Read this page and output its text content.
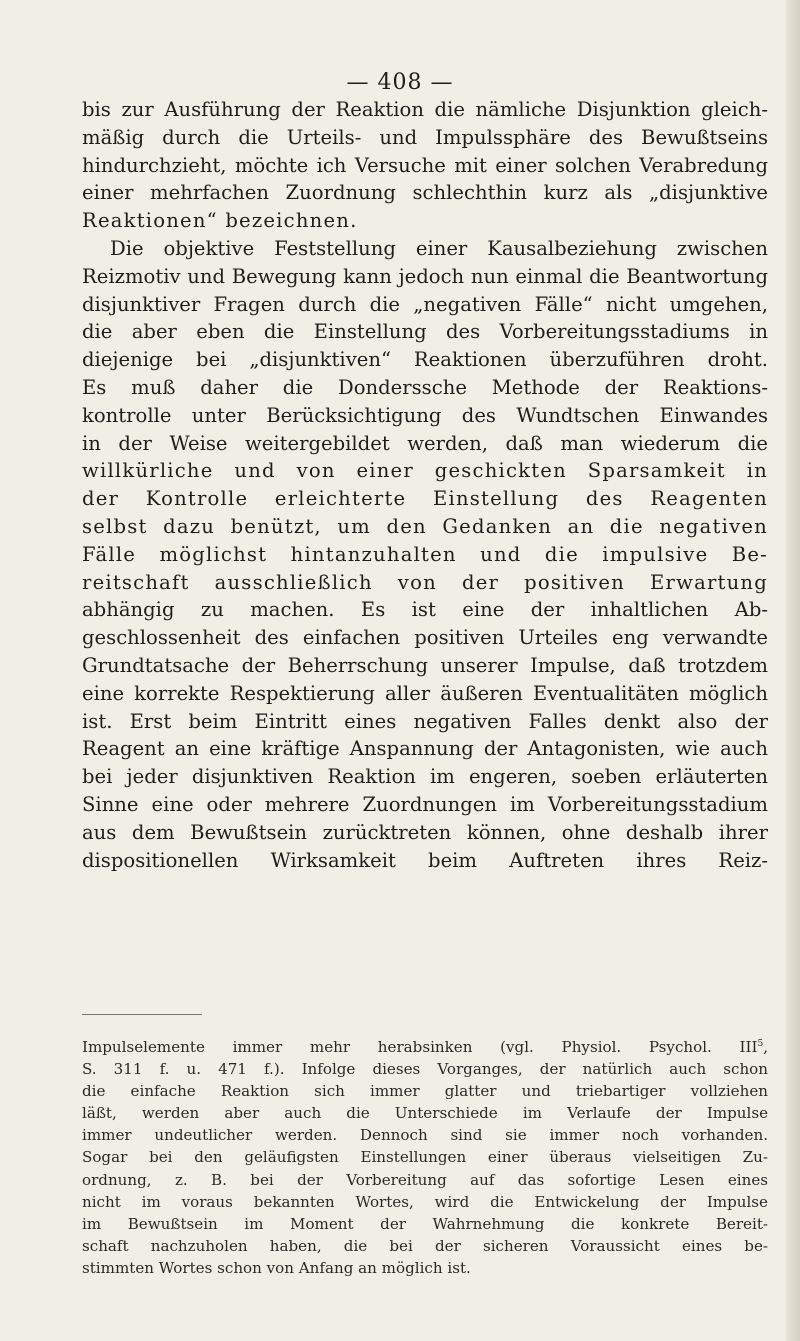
— 408 —
bis zur Ausführung der Reaktion die nämliche Disjunktion gleich-
mäßig durch die Urteils- und Impulssphäre des Bewußtseins
hindurchzieht, möchte ich Versuche mit einer solchen Verabredung
einer mehrfachen Zuordnung schlechthin kurz als „disjunktive
Reaktionen“ bezeichnen.
Die objektive Feststellung einer Kausalbeziehung zwischen
Reizmotiv und Bewegung kann jedoch nun einmal die Beantwortung
disjunktiver Fragen durch die „negativen Fälle“ nicht umgehen,
die aber eben die Einstellung des Vorbereitungsstadiums in
diejenige bei „disjunktiven“ Reaktionen überzuführen droht.
Es muß daher die Donderssche Methode der Reaktions-
kontrolle unter Berücksichtigung des Wundtschen Einwandes
in der Weise weitergebildet werden, daß man wiederum die
willkürliche und von einer geschickten Sparsamkeit in
der Kontrolle erleichterte Einstellung des Reagenten
selbst dazu benützt, um den Gedanken an die negativen
Fälle möglichst hintanzuhalten und die impulsive Be-
reitschaft ausschließlich von der positiven Erwartung
abhängig zu machen. Es ist eine der inhaltlichen Ab-
geschlossenheit des einfachen positiven Urteiles eng verwandte
Grundtatsache der Beherrschung unserer Impulse, daß trotzdem
eine korrekte Respektierung aller äußeren Eventualitäten möglich
ist. Erst beim Eintritt eines negativen Falles denkt also der
Reagent an eine kräftige Anspannung der Antagonisten, wie auch
bei jeder disjunktiven Reaktion im engeren, soeben erläuterten
Sinne eine oder mehrere Zuordnungen im Vorbereitungsstadium
aus dem Bewußtsein zurücktreten können, ohne deshalb ihrer
dispositionellen Wirksamkeit beim Auftreten ihres Reiz-
Impulselemente immer mehr herabsinken (vgl. Physiol. Psychol. III$^5$,
S. 311 f. u. 471 f.). Infolge dieses Vorganges, der natürlich auch schon
die einfache Reaktion sich immer glatter und triebartiger vollziehen
läßt, werden aber auch die Unterschiede im Verlaufe der Impulse
immer undeutlicher werden. Dennoch sind sie immer noch vorhanden.
Sogar bei den geläufigsten Einstellungen einer überaus vielseitigen Zu-
ordnung, z. B. bei der Vorbereitung auf das sofortige Lesen eines
nicht im voraus bekannten Wortes, wird die Entwickelung der Impulse
im Bewußtsein im Moment der Wahrnehmung die konkrete Bereit-
schaft nachzuholen haben, die bei der sicheren Voraussicht eines be-
stimmten Wortes schon von Anfang an möglich ist.
